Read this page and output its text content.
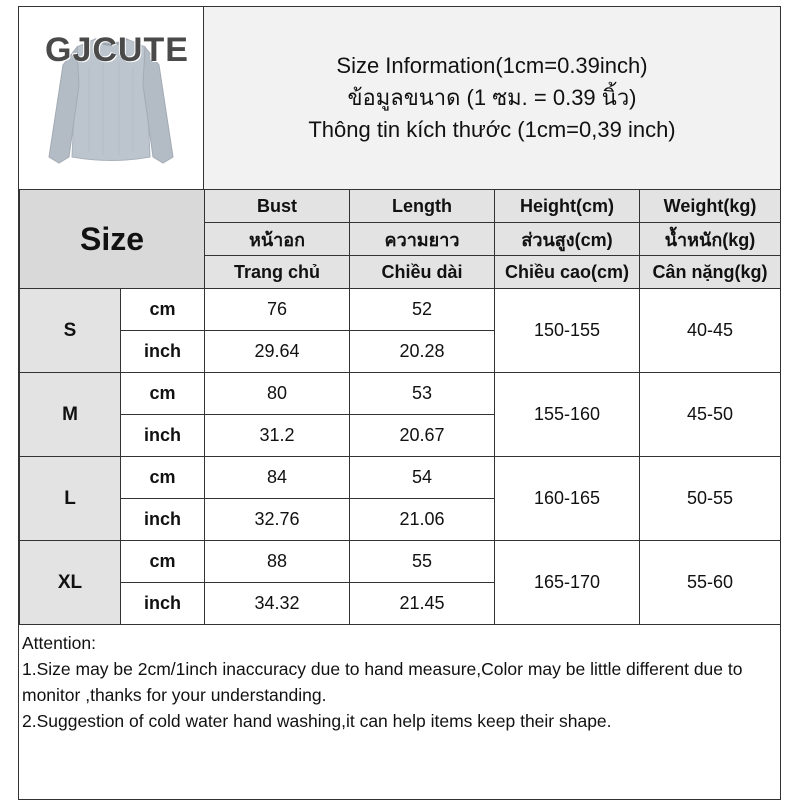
GJCUTE	Size Information(1cm=0.39inch)
ข้อมูลขนาด (1 ซม. = 0.39 นิ้ว)
Thông tin kích thước (1cm=0,39 inch)
Size		Bust	Length	Height(cm)	Weight(kg)
		หน้าอก	ความยาว	ส่วนสูง(cm)	น้ำหนัก(kg)
		Trang chủ	Chiều dài	Chiều cao(cm)	Cân nặng(kg)
S	cm	76	52	150-155	40-45
	inch	29.64	20.28		
M	cm	80	53	155-160	45-50
	inch	31.2	20.67		
L	cm	84	54	160-165	50-55
	inch	32.76	21.06		
XL	cm	88	55	165-170	55-60
	inch	34.32	21.45		
Attention:
1.Size may be 2cm/1inch inaccuracy due to hand measure,Color may be little different due to monitor ,thanks for your understanding.
2.Suggestion of cold water hand washing,it can help items keep their shape.
